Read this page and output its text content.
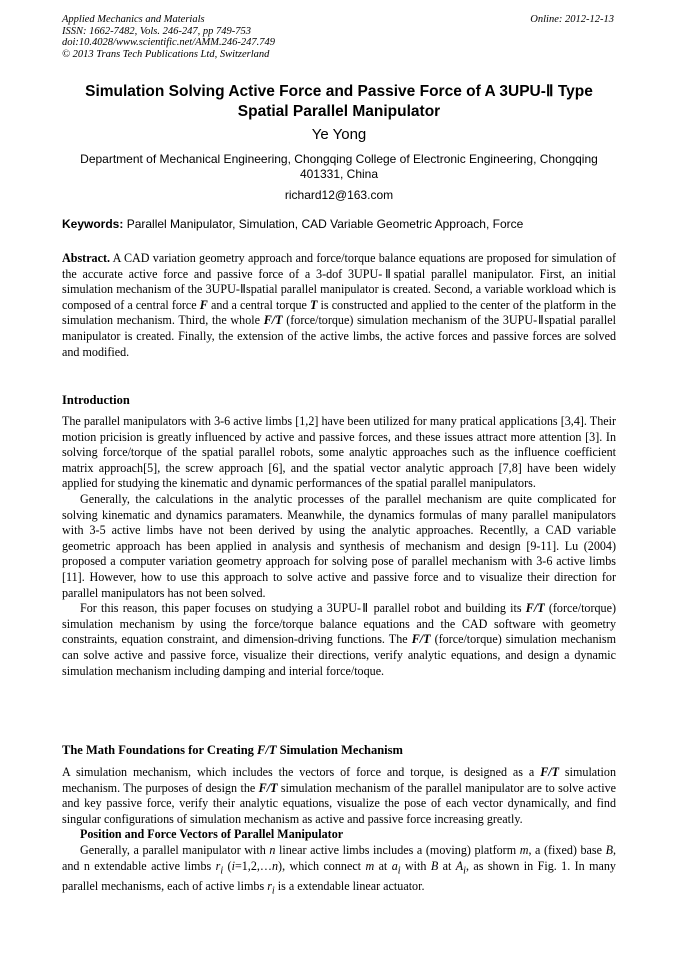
Applied Mechanics and Materials
ISSN: 1662-7482, Vols. 246-247, pp 749-753
doi:10.4028/www.scientific.net/AMM.246-247.749
© 2013 Trans Tech Publications Ltd, Switzerland
Online: 2012-12-13
Simulation Solving Active Force and Passive Force of A 3UPU-Ⅱ Type
Spatial Parallel Manipulator
Ye Yong
Department of Mechanical Engineering, Chongqing College of Electronic Engineering, Chongqing
401331, China
richard12@163.com
Keywords: Parallel Manipulator, Simulation, CAD Variable Geometric Approach, Force

Abstract. A CAD variation geometry approach and force/torque balance equations are proposed for simulation of the accurate active force and passive force of a 3-dof 3UPU-Ⅱspatial parallel manipulator. First, an initial simulation mechanism of the 3UPU-Ⅱspatial parallel manipulator is created. Second, a variable workload which is composed of a central force F and a central torque T is constructed and applied to the center of the platform in the simulation mechanism. Third, the whole F/T (force/torque) simulation mechanism of the 3UPU-Ⅱspatial parallel manipulator is created. Finally, the extension of the active limbs, the active forces and passive forces are solved and modified.

Introduction

The parallel manipulators with 3-6 active limbs [1,2] have been utilized for many pratical applications [3,4]. Their motion pricision is greatly influenced by active and passive forces, and these issues attract more attention [3]. In solving force/torque of the spatial parallel robots, some analytic approaches such as the influence coefficient matrix approach[5], the screw approach [6], and the spatial vector analytic approach [7,8] have been widely applied for studying the kinematic and dynamic performances of the spatial parallel manipulators.

Generally, the calculations in the analytic processes of the parallel mechanism are quite complicated for solving kinematic and dynamics paramaters. Meanwhile, the dynamics formulas of many parallel manipulators with 3-5 active limbs have not been derived by using the analytic approaches. Recentlly, a CAD variable geometric approach has been applied in analysis and synthesis of mechanism and design [9-11]. Lu (2004) proposed a computer variation geometry approach for solving pose of parallel mechanism with 3-6 active limbs [11]. However, how to use this approach to solve active and passive force and to visualize their direction for parallel manipulators has not been solved.

For this reason, this paper focuses on studying a 3UPU-Ⅱ parallel robot and building its F/T (force/torque) simulation mechanism by using the force/torque balance equations and the CAD software with geometry constraints, equation constraint, and dimension-driving functions. The F/T (force/torque) simulation mechanism can solve active and passive force, visualize their directions, verify analytic equations, and design a dynamic simulation mechanism including damping and interial force/toque.

The Math Foundations for Creating F/T Simulation Mechanism

A simulation mechanism, which includes the vectors of force and torque, is designed as a F/T simulation mechanism. The purposes of design the F/T simulation mechanism of the parallel manipulator are to solve active and key passive force, verify their analytic equations, visualize the pose of each vector dynamically, and find singular configurations of simulation mechanism as active and passive force increasing greatly.

Position and Force Vectors of Parallel Manipulator

Generally, a parallel manipulator with n linear active limbs includes a (moving) platform m, a (fixed) base B, and n extendable active limbs $r_i$ (i=1,2,…n), which connect m at $a_i$ with B at $A_i$, as shown in Fig. 1. In many parallel mechanisms, each of active limbs $r_i$ is a extendable linear actuator.
